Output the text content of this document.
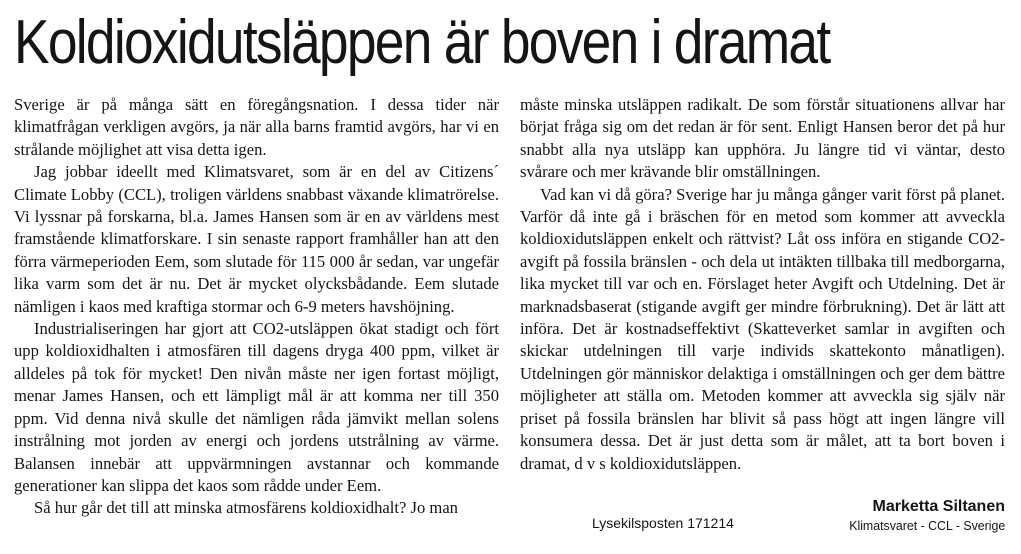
Koldioxidutsläppen är boven i dramat

Sverige är på många sätt en föregångsnation. I dessa tider när klimatfrågan verkligen avgörs, ja när alla barns framtid avgörs, har vi en strålande möjlighet att visa detta igen.

Jag jobbar ideellt med Klimatsvaret, som är en del av Citizens´ Climate Lobby (CCL), troligen världens snabbast växande klimatrörelse. Vi lyssnar på forskarna, bl.a. James Hansen som är en av världens mest framstående klimatforskare. I sin senaste rapport framhåller han att den förra värmeperioden Eem, som slutade för 115 000 år sedan, var ungefär lika varm som det är nu. Det är mycket olycksbådande. Eem slutade nämligen i kaos med kraftiga stormar och 6-9 meters havshöjning.

Industrialiseringen har gjort att CO2-utsläppen ökat stadigt och fört upp koldioxidhalten i atmosfären till dagens dryga 400 ppm, vilket är alldeles på tok för mycket! Den nivån måste ner igen fortast möjligt, menar James Hansen, och ett lämpligt mål är att komma ner till 350 ppm. Vid denna nivå skulle det nämligen råda jämvikt mellan solens instrålning mot jorden av energi och jordens utstrålning av värme. Balansen innebär att uppvärmningen avstannar och kommande generationer kan slippa det kaos som rådde under Eem.

Så hur går det till att minska atmosfärens koldioxidhalt? Jo man

måste minska utsläppen radikalt. De som förstår situationens allvar har börjat fråga sig om det redan är för sent. Enligt Hansen beror det på hur snabbt alla nya utsläpp kan upphöra. Ju längre tid vi väntar, desto svårare och mer krävande blir omställningen.

Vad kan vi då göra? Sverige har ju många gånger varit först på planet. Varför då inte gå i bräschen för en metod som kommer att avveckla koldioxidutsläppen enkelt och rättvist? Låt oss införa en stigande CO2-avgift på fossila bränslen - och dela ut intäkten tillbaka till medborgarna, lika mycket till var och en. Förslaget heter Avgift och Utdelning. Det är marknadsbaserat (stigande avgift ger mindre förbrukning). Det är lätt att införa. Det är kostnadseffektivt (Skatteverket samlar in avgiften och skickar utdelningen till varje individs skattekonto månatligen). Utdelningen gör människor delaktiga i omställningen och ger dem bättre möjligheter att ställa om. Metoden kommer att avveckla sig själv när priset på fossila bränslen har blivit så pass högt att ingen längre vill konsumera dessa. Det är just detta som är målet, att ta bort boven i dramat, d v s koldioxidutsläppen.

Lysekilsposten 171214
Marketta Siltanen
Klimatsvaret - CCL - Sverige
